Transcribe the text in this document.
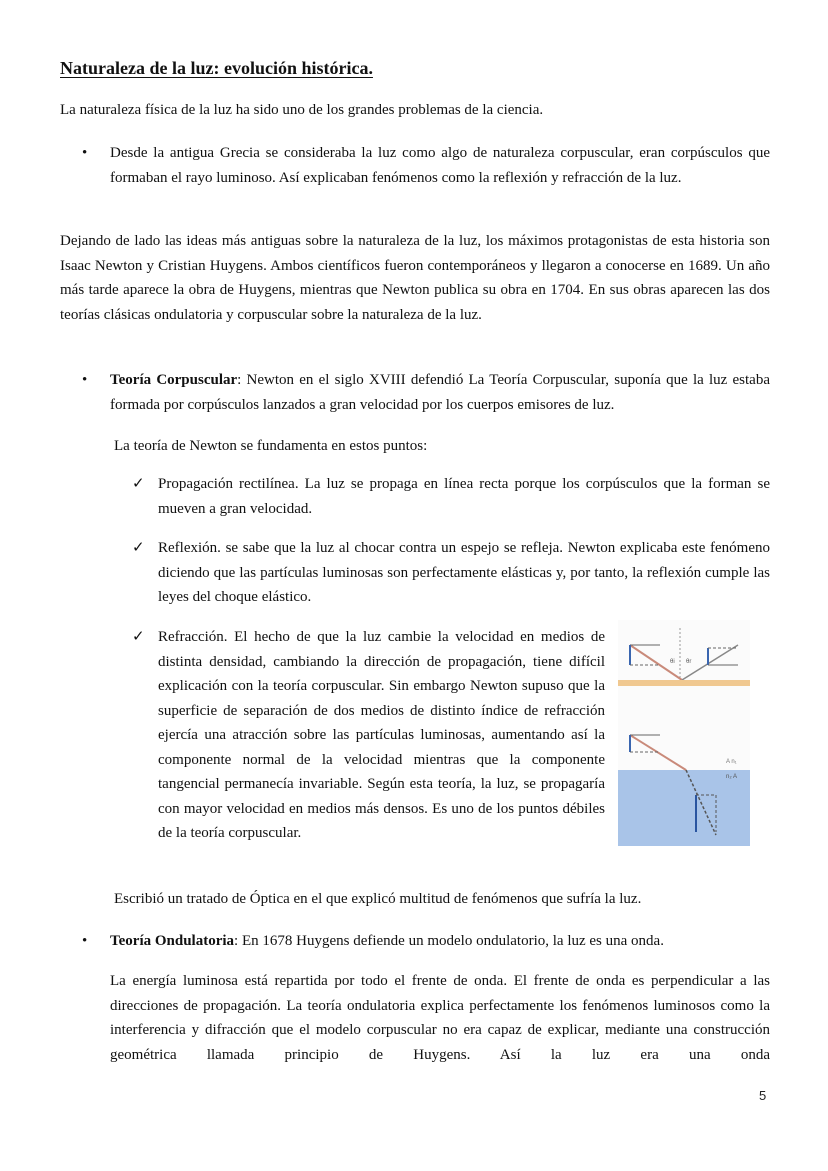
Naturaleza de la luz: evolución histórica.
La naturaleza física de la luz ha sido uno de los grandes problemas de la ciencia.
• Desde la antigua Grecia se consideraba la luz como algo de naturaleza corpuscular, eran corpúsculos que formaban el rayo luminoso. Así explicaban fenómenos como la reflexión y refracción de la luz.
Dejando de lado las ideas más antiguas sobre la naturaleza de la luz, los máximos protagonistas de esta historia son Isaac Newton y Cristian Huygens. Ambos científicos fueron contemporáneos y llegaron a conocerse en 1689. Un año más tarde aparece la obra de Huygens, mientras que Newton publica su obra en 1704. En sus obras aparecen las dos teorías clásicas ondulatoria y corpuscular sobre la naturaleza de la luz.
• Teoría Corpuscular: Newton en el siglo XVIII defendió La Teoría Corpuscular, suponía que la luz estaba formada por corpúsculos lanzados a gran velocidad por los cuerpos emisores de luz.
La teoría de Newton se fundamenta en estos puntos:
✓ Propagación rectilínea. La luz se propaga en línea recta porque los corpúsculos que la forman se mueven a gran velocidad.
✓ Reflexión. se sabe que la luz al chocar contra un espejo se refleja. Newton explicaba este fenómeno diciendo que las partículas luminosas son perfectamente elásticas y, por tanto, la reflexión cumple las leyes del choque elástico.
✓ Refracción. El hecho de que la luz cambie la velocidad en medios de distinta densidad, cambiando la dirección de propagación, tiene difícil explicación con la teoría corpuscular. Sin embargo Newton supuso que la superficie de separación de dos medios de distinto índice de refracción ejercía una atracción sobre las partículas luminosas, aumentando así la componente normal de la velocidad mientras que la componente tangencial permanecía invariable. Según esta teoría, la luz, se propagaría con mayor velocidad en medios más densos. Es uno de los puntos débiles de la teoría corpuscular.
θi θr
A n₁
n₂ A
Escribió un tratado de Óptica en el que explicó multitud de fenómenos que sufría la luz.
• Teoría Ondulatoria: En 1678 Huygens defiende un modelo ondulatorio, la luz es una onda.
La energía luminosa está repartida por todo el frente de onda. El frente de onda es perpendicular a las direcciones de propagación. La teoría ondulatoria explica perfectamente los fenómenos luminosos como la interferencia y difracción que el modelo corpuscular no era capaz de explicar, mediante una construcción geométrica llamada principio de Huygens. Así la luz era una onda
5
